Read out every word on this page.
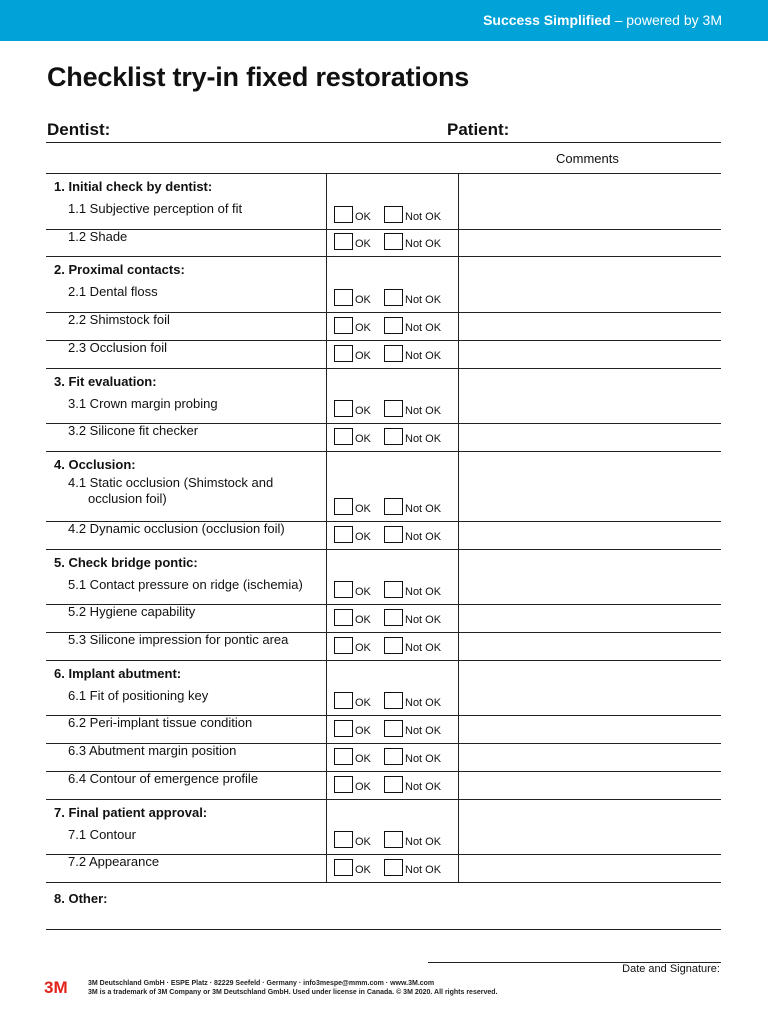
Success Simplified – powered by 3M
Checklist try-in fixed restorations
Dentist:	Patient:
Comments
1. Initial check by dentist:
1.1 Subjective perception of fit
OK	Not OK
1.2 Shade
OK	Not OK
2. Proximal contacts:
2.1 Dental floss
OK	Not OK
2.2 Shimstock foil
OK	Not OK
2.3 Occlusion foil
OK	Not OK
3. Fit evaluation:
3.1 Crown margin probing
OK	Not OK
3.2 Silicone fit checker
OK	Not OK
4. Occlusion:
4.1 Static occlusion (Shimstock and
occlusion foil)
OK	Not OK
4.2 Dynamic occlusion (occlusion foil)
OK	Not OK
5. Check bridge pontic:
5.1 Contact pressure on ridge (ischemia)
OK	Not OK
5.2 Hygiene capability
OK	Not OK
5.3 Silicone impression for pontic area
OK	Not OK
6. Implant abutment:
6.1 Fit of positioning key
OK	Not OK
6.2 Peri-implant tissue condition
OK	Not OK
6.3 Abutment margin position
OK	Not OK
6.4 Contour of emergence profile
OK	Not OK
7. Final patient approval:
7.1 Contour
OK	Not OK
7.2 Appearance
OK	Not OK
8. Other:
Date and Signature:
3M	3M Deutschland GmbH · ESPE Platz · 82229 Seefeld · Germany · info3mespe@mmm.com · www.3M.com
3M is a trademark of 3M Company or 3M Deutschland GmbH. Used under license in Canada. © 3M 2020. All rights reserved.
